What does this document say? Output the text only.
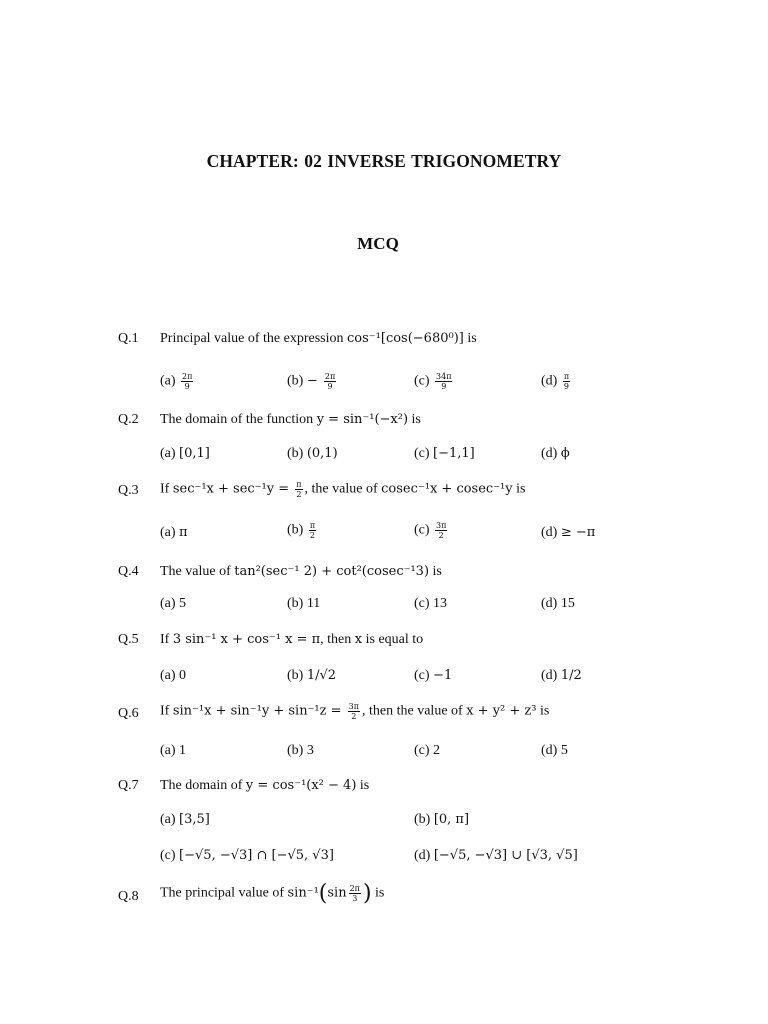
CHAPTER: 02 INVERSE TRIGONOMETRY
MCQ
Q.1 Principal value of the expression cos⁻¹[cos(−680⁰)] is
$(a) \frac{2\pi}{9}$	$(b) - \frac{2\pi}{9}$	$(c) \frac{34\pi}{9}$	$(d) \frac{\pi}{9}$
Q.2 The domain of the function y = sin⁻¹(−x²) is
(a) [0,1]	(b) (0,1)	(c) [−1,1]	(d) ϕ
Q.3 If $\sec^{-1}x + \sec^{-1}y = \frac{\pi}{2}$ , the value of cosec⁻¹x + cosec⁻¹y is
(a) π	$(b) \frac{\pi}{2}$	$(c) \frac{3\pi}{2}$	(d) ≥ −π
Q.4 The value of tan²(sec⁻¹ 2) + cot²(cosec⁻¹3) is
(a) 5	(b) 11	(c) 13	(d) 15
Q.5 If 3 sin⁻¹ x + cos⁻¹ x = π, then x is equal to
(a) 0	(b) 1/√2	(c) −1	(d) 1/2
Q.6 If $\sin^{-1}x + \sin^{-1}y + \sin^{-1}z = \frac{3\pi}{2}$ , then the value of x + y² + z³ is
(a) 1	(b) 3	(c) 2	(d) 5
Q.7 The domain of y = cos⁻¹(x² − 4) is
(a) [3,5]	(b) [0, π]
(c) [−√5, −√3] ∩ [−√5, √3]	(d) [−√5, −√3] ∪ [√3, √5]
Q.8 The principal value of $\sin^{-1}(\sin \frac{2\pi}{3}$ ) is
